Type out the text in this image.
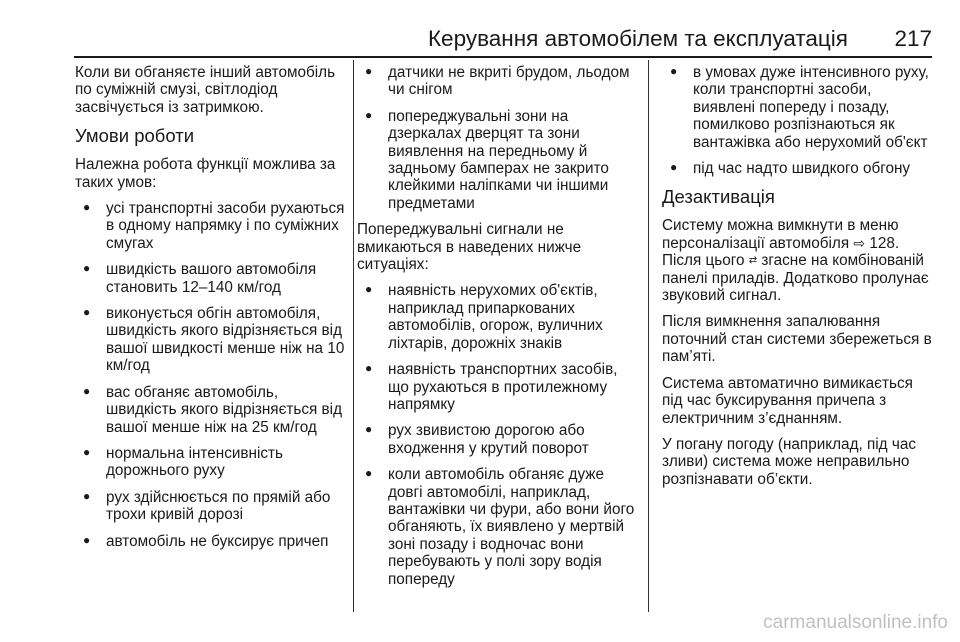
Керування автомобілем та експлуатація 217

Коли ви обганяєте інший автомобіль по суміжній смузі, світлодіод засвічується із затримкою.

Умови роботи

Належна робота функції можлива за таких умов:

● усі транспортні засоби рухаються в одному напрямку і по суміжних смугах
● швидкість вашого автомобіля становить 12–140 км/год
● виконується обгін автомобіля, швидкість якого відрізняється від вашої швидкості менше ніж на 10 км/год
● вас обганяє автомобіль, швидкість якого відрізняється від вашої менше ніж на 25 км/год
● нормальна інтенсивність дорожнього руху
● рух здійснюється по прямій або трохи кривій дорозі
● автомобіль не буксирує причеп
● датчики не вкриті брудом, льодом чи снігом
● попереджувальні зони на дзеркалах дверцят та зони виявлення на передньому й задньому бамперах не закрито клейкими наліпками чи іншими предметами

Попереджувальні сигнали не вмикаються в наведених нижче ситуаціях:

● наявність нерухомих об'єктів, наприклад припаркованих автомобілів, огорож, вуличних ліхтарів, дорожніх знаків
● наявність транспортних засобів, що рухаються в протилежному напрямку
● рух звивистою дорогою або входження у крутий поворот
● коли автомобіль обганяє дуже довгі автомобілі, наприклад, вантажівки чи фури, або вони його обганяють, їх виявлено у мертвій зоні позаду і водночас вони перебувають у полі зору водія попереду
● в умовах дуже інтенсивного руху, коли транспортні засоби, виявлені попереду і позаду, помилково розпізнаються як вантажівка або нерухомий об'єкт
● під час надто швидкого обгону
Дезактивація

Систему можна вимкнути в меню персоналізації автомобіля ⇨ 128.
Після цього ⇄ згасне на комбінованій панелі приладів. Додатково пролунає звуковий сигнал.

Після вимкнення запалювання поточний стан системи збережеться в пам’яті.

Система автоматично вимикається під час буксирування причепа з електричним з’єднанням.

У погану погоду (наприклад, під час зливи) система може неправильно розпізнавати об’єкти.

carmanualsonline.info
